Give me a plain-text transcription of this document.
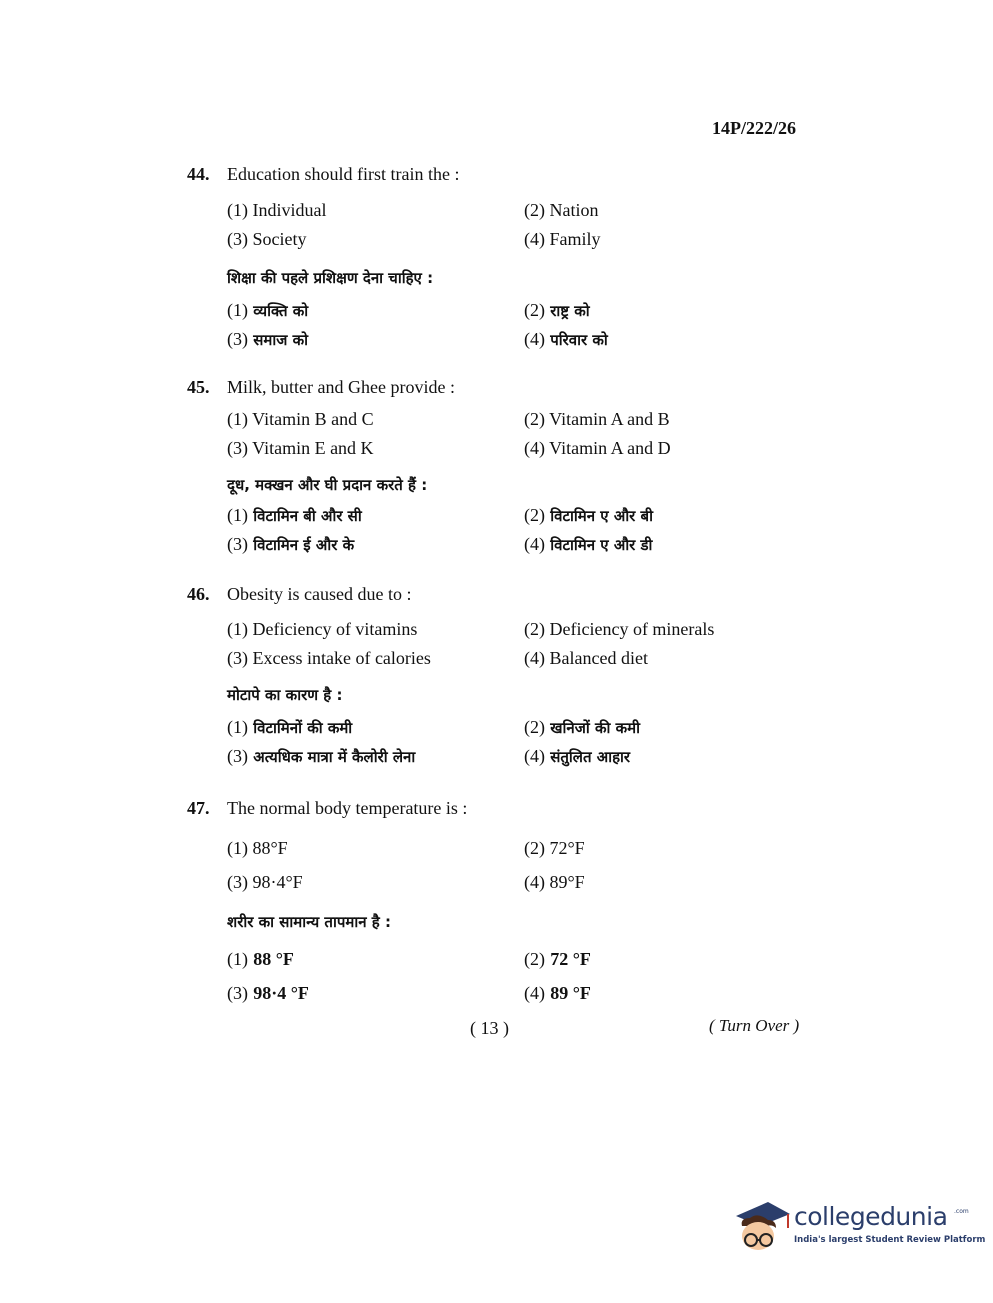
14P/222/26
44. Education should first train the :
(1) Individual	(2) Nation
(3) Society	(4) Family
शिक्षा की पहले प्रशिक्षण देना चाहिए :
(1) व्यक्ति को	(2) राष्ट्र को
(3) समाज को	(4) परिवार को
45. Milk, butter and Ghee provide :
(1) Vitamin B and C	(2) Vitamin A and B
(3) Vitamin E and K	(4) Vitamin A and D
दूध, मक्खन और घी प्रदान करते हैं :
(1) विटामिन बी और सी	(2) विटामिन ए और बी
(3) विटामिन ई और के	(4) विटामिन ए और डी
46. Obesity is caused due to :
(1) Deficiency of vitamins	(2) Deficiency of minerals
(3) Excess intake of calories	(4) Balanced diet
मोटापे का कारण है :
(1) विटामिनों की कमी	(2) खनिजों की कमी
(3) अत्यधिक मात्रा में कैलोरी लेना	(4) संतुलित आहार
47. The normal body temperature is :
(1) 88°F	(2) 72°F
(3) 98·4°F	(4) 89°F
शरीर का सामान्य तापमान है :
(1) 88 °F	(2) 72 °F
(3) 98·4 °F	(4) 89 °F
( 13 )	( Turn Over )
collegedunia .com
India's largest Student Review Platform
